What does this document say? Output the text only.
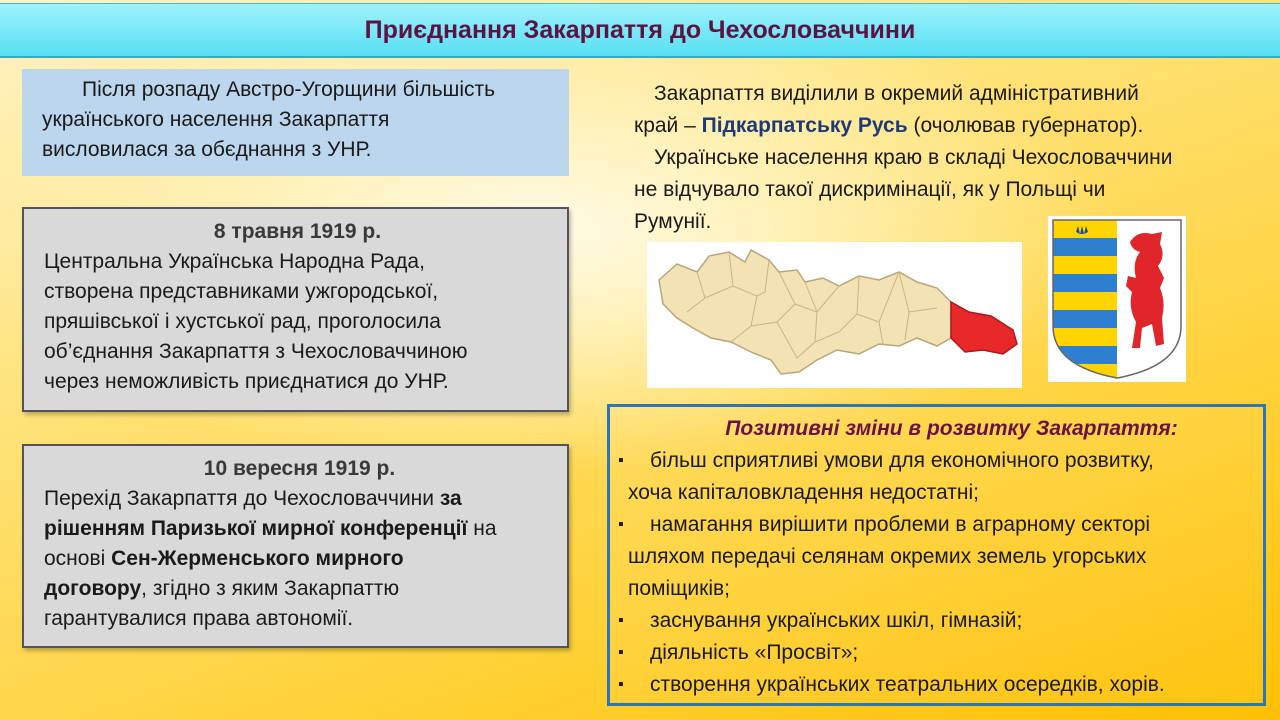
Приєднання Закарпаття до Чехословаччини
Після розпаду Австро-Угорщини більшість
українського населення Закарпаття
висловилася за обєднання з УНР.
8 травня 1919 р.
Центральна Українська Народна Рада,
створена представниками ужгородської,
пряшівської і хустської рад, проголосила
об’єднання Закарпаття з Чехословаччиною
через неможливість приєднатися до УНР.
10 вересня 1919 р.
Перехід Закарпаття до Чехословаччини за
рішенням Паризької мирної конференції на
основі Сен-Жерменського мирного
договору, згідно з яким Закарпаттю
гарантувалися права автономії.
Закарпаття виділили в окремий адміністративний
край – Підкарпатську Русь (очолював губернатор).
Українське населення краю в складі Чехословаччини
не відчувало такої дискримінації, як у Польщі чи
Румунії.
Позитивні зміни в розвитку Закарпаття:
▪ більш сприятливі умови для економічного розвитку,
хоча капіталовкладення недостатні;
▪ намагання вирішити проблеми в аграрному секторі
шляхом передачі селянам окремих земель угорських
поміщиків;
▪ заснування українських шкіл, гімназій;
▪ діяльність «Просвіт»;
▪ створення українських театральних осередків, хорів.
